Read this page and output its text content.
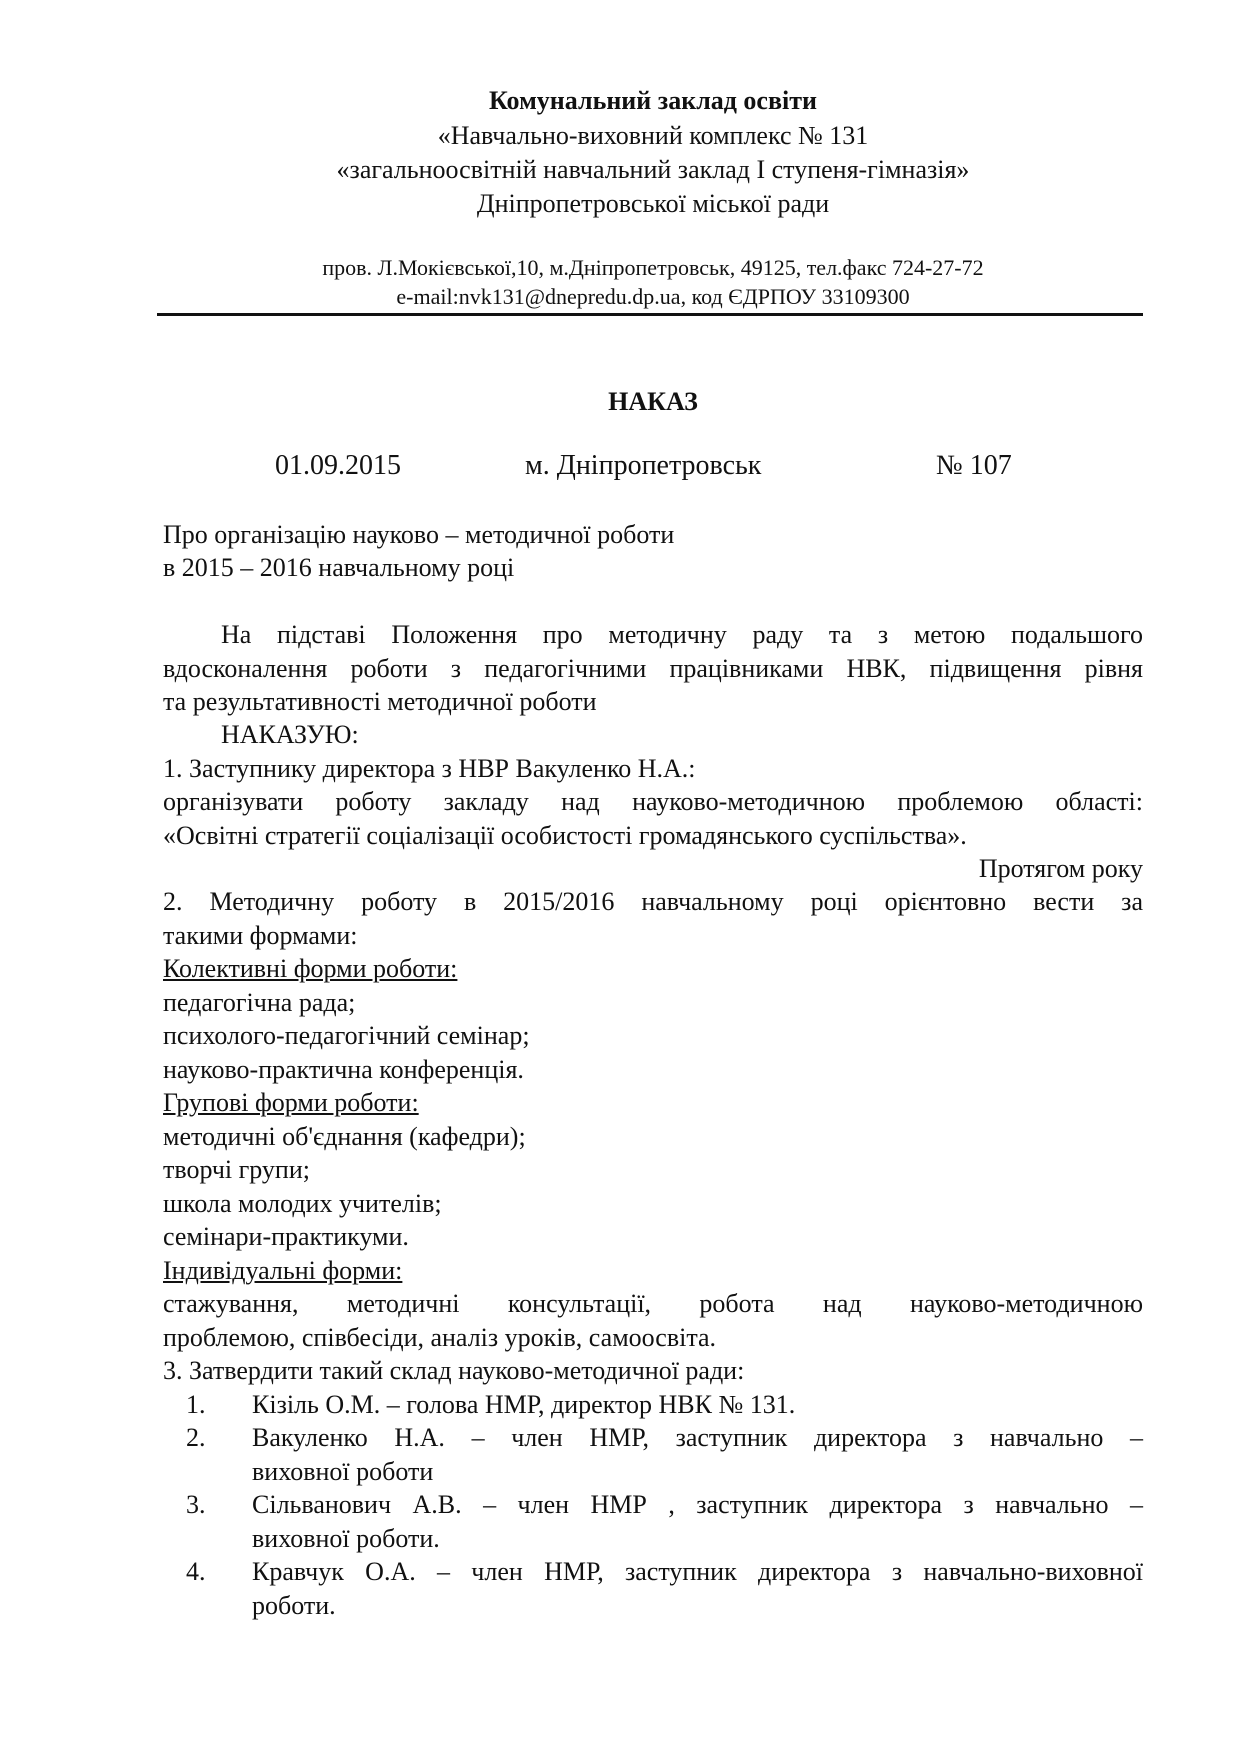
Комунальний заклад освіти
«Навчально-виховний комплекс № 131
«загальноосвітній навчальний заклад І ступеня-гімназія»
Дніпропетровської міської ради
пров. Л.Мокієвської,10, м.Дніпропетровськ, 49125, тел.факс 724-27-72
e-mail:nvk131@dnepredu.dp.ua, код ЄДРПОУ 33109300
НАКАЗ
01.09.2015	м. Дніпропетровськ	№ 107
Про організацію науково – методичної роботи
в 2015 – 2016 навчальному році
На підставі Положення про методичну раду та з метою подальшого
вдосконалення роботи з педагогічними працівниками НВК, підвищення рівня
та результативності методичної роботи
НАКАЗУЮ:
1. Заступнику директора з НВР Вакуленко Н.А.:
організувати роботу закладу над науково-методичною проблемою області:
«Освітні стратегії соціалізації особистості громадянського суспільства».
Протягом року
2. Методичну роботу в 2015/2016 навчальному році орієнтовно вести за
такими формами:
Колективні форми роботи:
педагогічна рада;
психолого-педагогічний семінар;
науково-практична конференція.
Групові форми роботи:
методичні об'єднання (кафедри);
творчі групи;
школа молодих учителів;
семінари-практикуми.
Індивідуальні форми:
стажування, методичні консультації, робота над науково-методичною
проблемою, співбесіди, аналіз уроків, самоосвіта.
3. Затвердити такий склад науково-методичної ради:
1.	Кізіль О.М. – голова НМР, директор НВК № 131.
2.	Вакуленко Н.А. – член НМР, заступник директора з навчально –
виховної роботи
3.	Сільванович А.В. – член НМР , заступник директора з навчально –
виховної роботи.
4.	Кравчук О.А. – член НМР, заступник директора з навчально-виховної
роботи.
